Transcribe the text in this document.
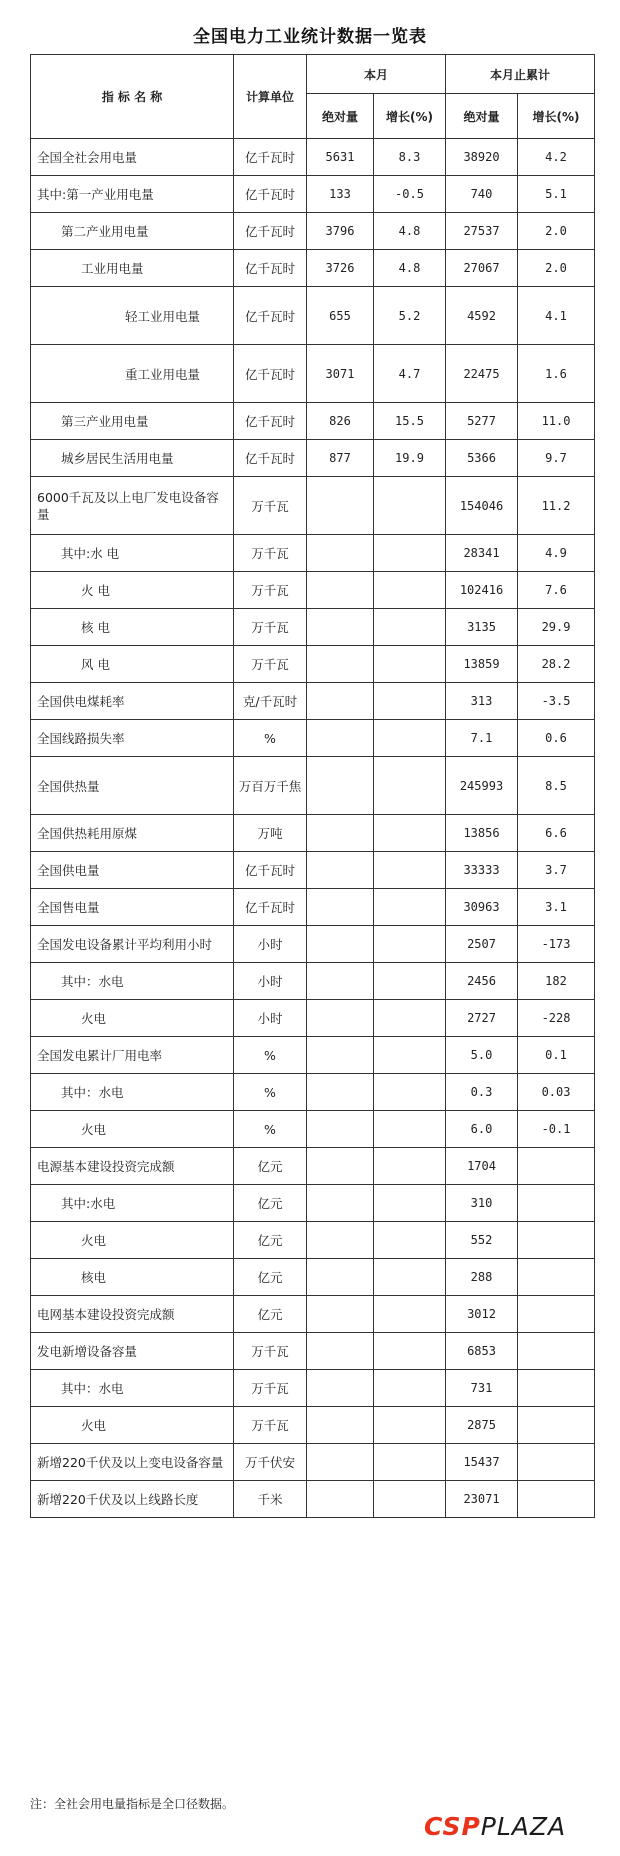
全国电力工业统计数据一览表
指 标 名 称	计算单位	本月		本月止累计	
		绝对量	增长(%)	绝对量	增长(%)
全国全社会用电量	亿千瓦时	5631	8.3	38920	4.2
其中:第一产业用电量	亿千瓦时	133	-0.5	740	5.1
第二产业用电量	亿千瓦时	3796	4.8	27537	2.0
工业用电量	亿千瓦时	3726	4.8	27067	2.0
轻工业用电量	亿千瓦时	655	5.2	4592	4.1
重工业用电量	亿千瓦时	3071	4.7	22475	1.6
第三产业用电量	亿千瓦时	826	15.5	5277	11.0
城乡居民生活用电量	亿千瓦时	877	19.9	5366	9.7
6000千瓦及以上电厂发电设备容量	万千瓦			154046	11.2
其中:水 电	万千瓦			28341	4.9
火 电	万千瓦			102416	7.6
核 电	万千瓦			3135	29.9
风 电	万千瓦			13859	28.2
全国供电煤耗率	克/千瓦时			313	-3.5
全国线路损失率	%			7.1	0.6
全国供热量	万百万千焦			245993	8.5
全国供热耗用原煤	万吨			13856	6.6
全国供电量	亿千瓦时			33333	3.7
全国售电量	亿千瓦时			30963	3.1
全国发电设备累计平均利用小时	小时			2507	-173
其中：水电	小时			2456	182
火电	小时			2727	-228
全国发电累计厂用电率	%			5.0	0.1
其中：水电	%			0.3	0.03
火电	%			6.0	-0.1
电源基本建设投资完成额	亿元			1704	
其中:水电	亿元			310	
火电	亿元			552	
核电	亿元			288	
电网基本建设投资完成额	亿元			3012	
发电新增设备容量	万千瓦			6853	
其中：水电	万千瓦			731	
火电	万千瓦			2875	
新增220千伏及以上变电设备容量	万千伏安			15437	
新增220千伏及以上线路长度	千米			23071	
注：全社会用电量指标是全口径数据。
CSPPLAZA
